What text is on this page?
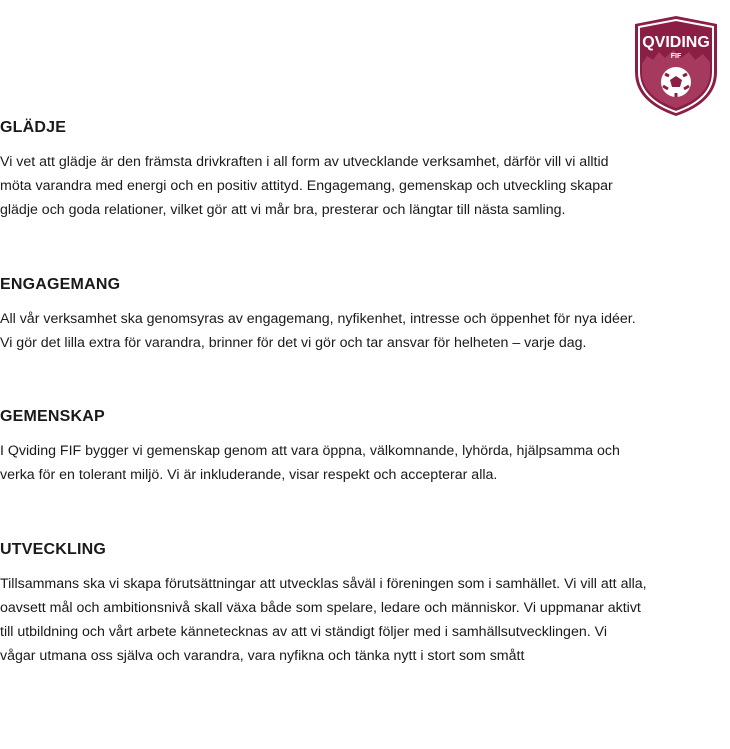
QVIDING
FIF
GLÄDJE
Vi vet att glädje är den främsta drivkraften i all form av utvecklande verksamhet, därför vill vi alltid
möta varandra med energi och en positiv attityd. Engagemang, gemenskap och utveckling skapar
glädje och goda relationer, vilket gör att vi mår bra, presterar och längtar till nästa samling.
ENGAGEMANG
All vår verksamhet ska genomsyras av engagemang, nyfikenhet, intresse och öppenhet för nya idéer.
Vi gör det lilla extra för varandra, brinner för det vi gör och tar ansvar för helheten – varje dag.
GEMENSKAP
I Qviding FIF bygger vi gemenskap genom att vara öppna, välkomnande, lyhörda, hjälpsamma och
verka för en tolerant miljö. Vi är inkluderande, visar respekt och accepterar alla.
UTVECKLING
Tillsammans ska vi skapa förutsättningar att utvecklas såväl i föreningen som i samhället. Vi vill att alla,
oavsett mål och ambitionsnivå skall växa både som spelare, ledare och människor. Vi uppmanar aktivt
till utbildning och vårt arbete kännetecknas av att vi ständigt följer med i samhällsutvecklingen. Vi
vågar utmana oss själva och varandra, vara nyfikna och tänka nytt i stort som smått
